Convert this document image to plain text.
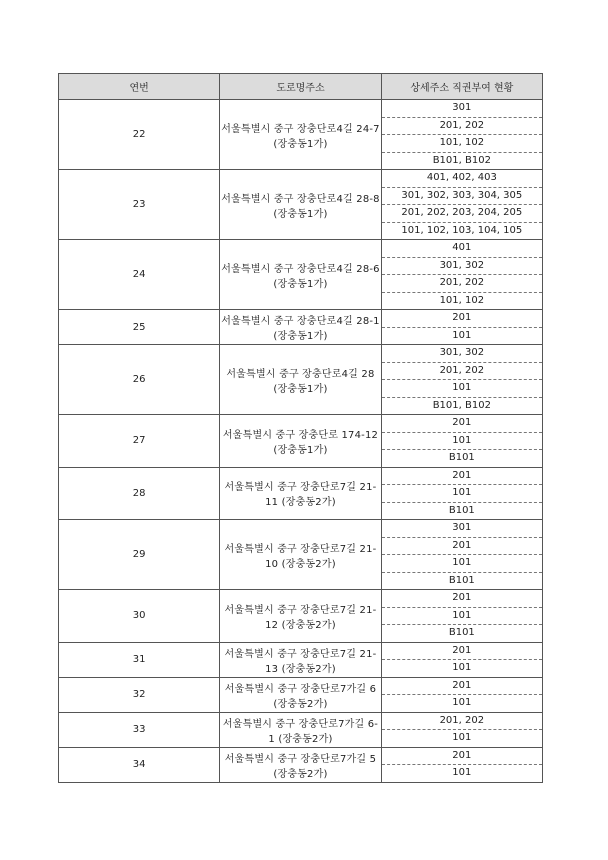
연번	도로명주소	상세주소 직권부여 현황
22	서울특별시 중구 장충단로4길 24-7 (장충동1가)	301
201, 202
101, 102
B101, B102

23	서울특별시 중구 장충단로4길 28-8 (장충동1가)	401, 402, 403
301, 302, 303, 304, 305
201, 202, 203, 204, 205
101, 102, 103, 104, 105

24	서울특별시 중구 장충단로4길 28-6 (장충동1가)	401
301, 302
201, 202
101, 102

25	서울특별시 중구 장충단로4길 28-1 (장충동1가)	201
101

26	서울특별시 중구 장충단로4길 28 (장충동1가)	301, 302
201, 202
101
B101, B102

27	서울특별시 중구 장충단로 174-12 (장충동1가)	201
101
B101

28	서울특별시 중구 장충단로7길 21-11 (장충동2가)	201
101
B101

29	서울특별시 중구 장충단로7길 21-10 (장충동2가)	301
201
101
B101

30	서울특별시 중구 장충단로7길 21-12 (장충동2가)	201
101
B101

31	서울특별시 중구 장충단로7길 21-13 (장충동2가)	201
101

32	서울특별시 중구 장충단로7가길 6 (장충동2가)	201
101

33	서울특별시 중구 장충단로7가길 6-1 (장충동2가)	201, 202
101

34	서울특별시 중구 장충단로7가길 5 (장충동2가)	201
101
